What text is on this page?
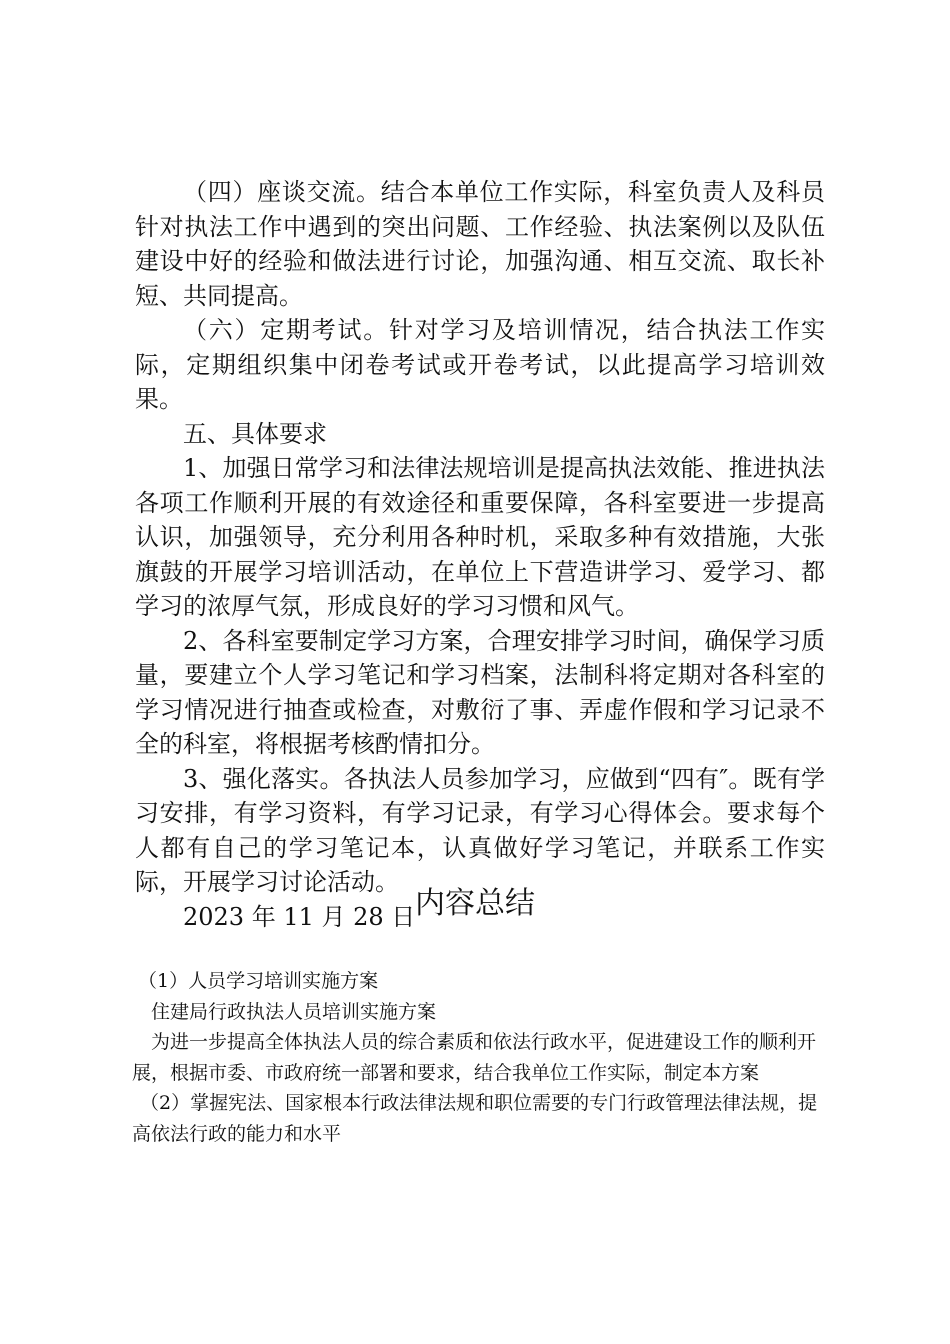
（四）座谈交流。结合本单位工作实际，科室负责人及科员针对执法工作中遇到的突出问题、工作经验、执法案例以及队伍建设中好的经验和做法进行讨论，加强沟通、相互交流、取长补短、共同提高。

（六）定期考试。针对学习及培训情况，结合执法工作实际，定期组织集中闭卷考试或开卷考试，以此提高学习培训效果。

五、具体要求

1、加强日常学习和法律法规培训是提高执法效能、推进执法各项工作顺利开展的有效途径和重要保障，各科室要进一步提高认识，加强领导，充分利用各种时机，采取多种有效措施，大张旗鼓的开展学习培训活动，在单位上下营造讲学习、爱学习、都学习的浓厚气氛，形成良好的学习习惯和风气。

2、各科室要制定学习方案，合理安排学习时间，确保学习质量，要建立个人学习笔记和学习档案，法制科将定期对各科室的学习情况进行抽查或检查，对敷衍了事、弄虚作假和学习记录不全的科室，将根据考核酌情扣分。

3、强化落实。各执法人员参加学习，应做到“四有″。既有学习安排，有学习资料，有学习记录，有学习心得体会。要求每个人都有自己的学习笔记本，认真做好学习笔记，并联系工作实际，开展学习讨论活动。

2023 年 11 月 28 日 内容总结

（1）人员学习培训实施方案

住建局行政执法人员培训实施方案

为进一步提高全体执法人员的综合素质和依法行政水平，促进建设工作的顺利开展，根据市委、市政府统一部署和要求，结合我单位工作实际，制定本方案

（2）掌握宪法、国家根本行政法律法规和职位需要的专门行政管理法律法规，提高依法行政的能力和水平
